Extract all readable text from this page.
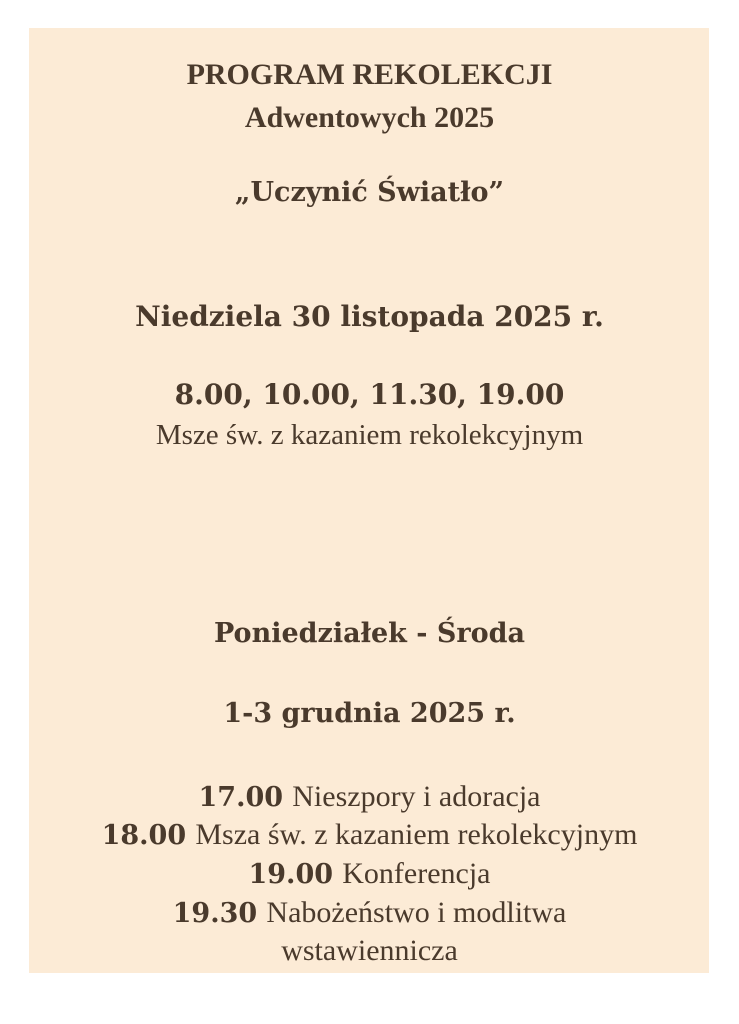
PROGRAM REKOLEKCJI
Adwentowych 2025
„Uczynić Światło”
Niedziela 30 listopada 2025 r.
8.00, 10.00, 11.30, 19.00
Msze św. z kazaniem rekolekcyjnym
Poniedziałek - Środa
1-3 grudnia 2025 r.
17.00 Nieszpory i adoracja
18.00 Msza św. z kazaniem rekolekcyjnym
19.00 Konferencja
19.30 Nabożeństwo i modlitwa
wstawiennicza
